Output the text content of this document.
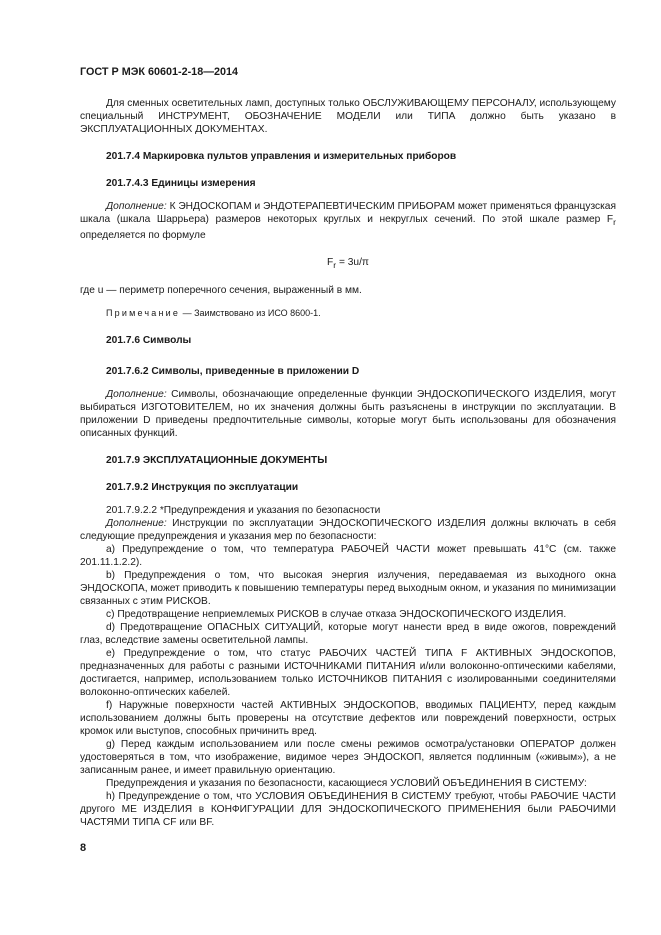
ГОСТ Р МЭК 60601-2-18—2014

Для сменных осветительных ламп, доступных только ОБСЛУЖИВАЮЩЕМУ ПЕРСОНАЛУ, использующему специальный ИНСТРУМЕНТ, ОБОЗНАЧЕНИЕ МОДЕЛИ или ТИПА должно быть указано в ЭКСПЛУАТАЦИОННЫХ ДОКУМЕНТАХ.

201.7.4 Маркировка пультов управления и измерительных приборов

201.7.4.3 Единицы измерения

Дополнение: К ЭНДОСКОПАМ и ЭНДОТЕРАПЕВТИЧЕСКИМ ПРИБОРАМ может применяться французская шкала (шкала Шаррьера) размеров некоторых круглых и некруглых сечений. По этой шкале размер $F_r$ определяется по формуле

$F_r = 3u/\pi$

где u — периметр поперечного сечения, выраженный в мм.

Примечание — Заимствовано из ИСО 8600-1.

201.7.6 Символы

201.7.6.2 Символы, приведенные в приложении D

Дополнение: Символы, обозначающие определенные функции ЭНДОСКОПИЧЕСКОГО ИЗДЕЛИЯ, могут выбираться ИЗГОТОВИТЕЛЕМ, но их значения должны быть разъяснены в инструкции по эксплуатации. В приложении D приведены предпочтительные символы, которые могут быть использованы для обозначения описанных функций.

201.7.9 ЭКСПЛУАТАЦИОННЫЕ ДОКУМЕНТЫ

201.7.9.2 Инструкция по эксплуатации

201.7.9.2.2 *Предупреждения и указания по безопасности

Дополнение: Инструкции по эксплуатации ЭНДОСКОПИЧЕСКОГО ИЗДЕЛИЯ должны включать в себя следующие предупреждения и указания мер по безопасности:

a) Предупреждение о том, что температура РАБОЧЕЙ ЧАСТИ может превышать 41°С (см. также 201.11.1.2.2).

b) Предупреждения о том, что высокая энергия излучения, передаваемая из выходного окна ЭНДОСКОПА, может приводить к повышению температуры перед выходным окном, и указания по минимизации связанных с этим РИСКОВ.

c) Предотвращение неприемлемых РИСКОВ в случае отказа ЭНДОСКОПИЧЕСКОГО ИЗДЕЛИЯ.

d) Предотвращение ОПАСНЫХ СИТУАЦИЙ, которые могут нанести вред в виде ожогов, повреждений глаз, вследствие замены осветительной лампы.

e) Предупреждение о том, что статус РАБОЧИХ ЧАСТЕЙ ТИПА F АКТИВНЫХ ЭНДОСКОПОВ, предназначенных для работы с разными ИСТОЧНИКАМИ ПИТАНИЯ и/или волоконно-оптическими кабелями, достигается, например, использованием только ИСТОЧНИКОВ ПИТАНИЯ с изолированными соединителями волоконно-оптических кабелей.

f) Наружные поверхности частей АКТИВНЫХ ЭНДОСКОПОВ, вводимых ПАЦИЕНТУ, перед каждым использованием должны быть проверены на отсутствие дефектов или повреждений поверхности, острых кромок или выступов, способных причинить вред.

g) Перед каждым использованием или после смены режимов осмотра/установки ОПЕРАТОР должен удостоверяться в том, что изображение, видимое через ЭНДОСКОП, является подлинным («живым»), а не записанным ранее, и имеет правильную ориентацию.

Предупреждения и указания по безопасности, касающиеся УСЛОВИЙ ОБЪЕДИНЕНИЯ В СИСТЕМУ:

h) Предупреждение о том, что УСЛОВИЯ ОБЪЕДИНЕНИЯ В СИСТЕМУ требуют, чтобы РАБОЧИЕ ЧАСТИ другого МЕ ИЗДЕЛИЯ в КОНФИГУРАЦИИ ДЛЯ ЭНДОСКОПИЧЕСКОГО ПРИМЕНЕНИЯ были РАБОЧИМИ ЧАСТЯМИ ТИПА CF или BF.

8
